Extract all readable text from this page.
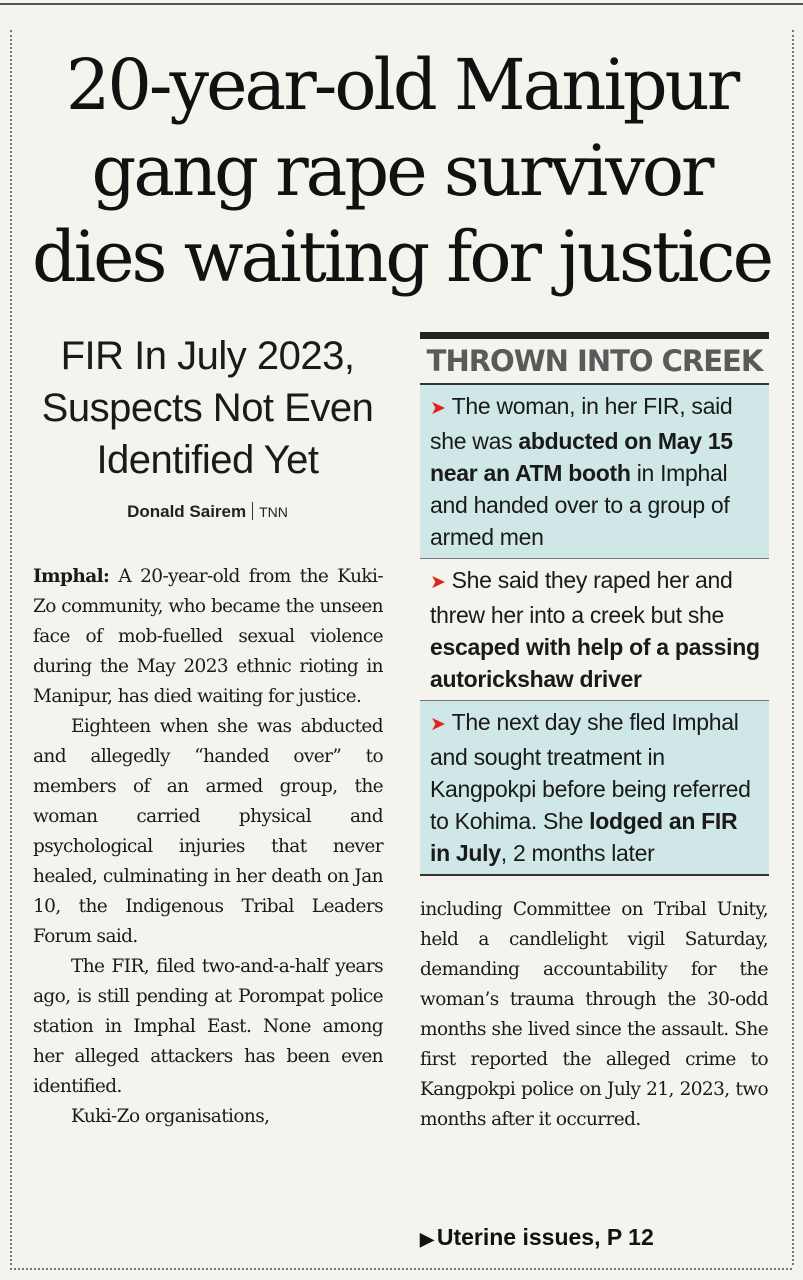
20-year-old Manipur gang rape survivor dies waiting for justice
FIR In July 2023, Suspects Not Even Identified Yet
Donald Sairem TNN

Imphal: A 20-year-old from the Kuki-Zo community, who became the unseen face of mob-fuelled sexual violence during the May 2023 ethnic rioting in Manipur, has died waiting for justice.

Eighteen when she was abducted and allegedly “handed over” to members of an armed group, the woman carried physical and psychological injuries that never healed, culminating in her death on Jan 10, the Indigenous Tribal Leaders Forum said.

The FIR, filed two-and-a-half years ago, is still pending at Porompat police station in Imphal East. None among her alleged attackers has been even identified.

Kuki-Zo organisations,

THROWN INTO CREEK
➤ The woman, in her FIR, said she was abducted on May 15 near an ATM booth in Imphal and handed over to a group of armed men
➤ She said they raped her and threw her into a creek but she escaped with help of a passing autorickshaw driver
➤ The next day she fled Imphal and sought treatment in Kangpokpi before being referred to Kohima. She lodged an FIR in July, 2 months later

including Committee on Tribal Unity, held a candlelight vigil Saturday, demanding accountability for the woman’s trauma through the 30-odd months she lived since the assault. She first reported the alleged crime to Kangpokpi police on July 21, 2023, two months after it occurred.

▶ Uterine issues, P 12
